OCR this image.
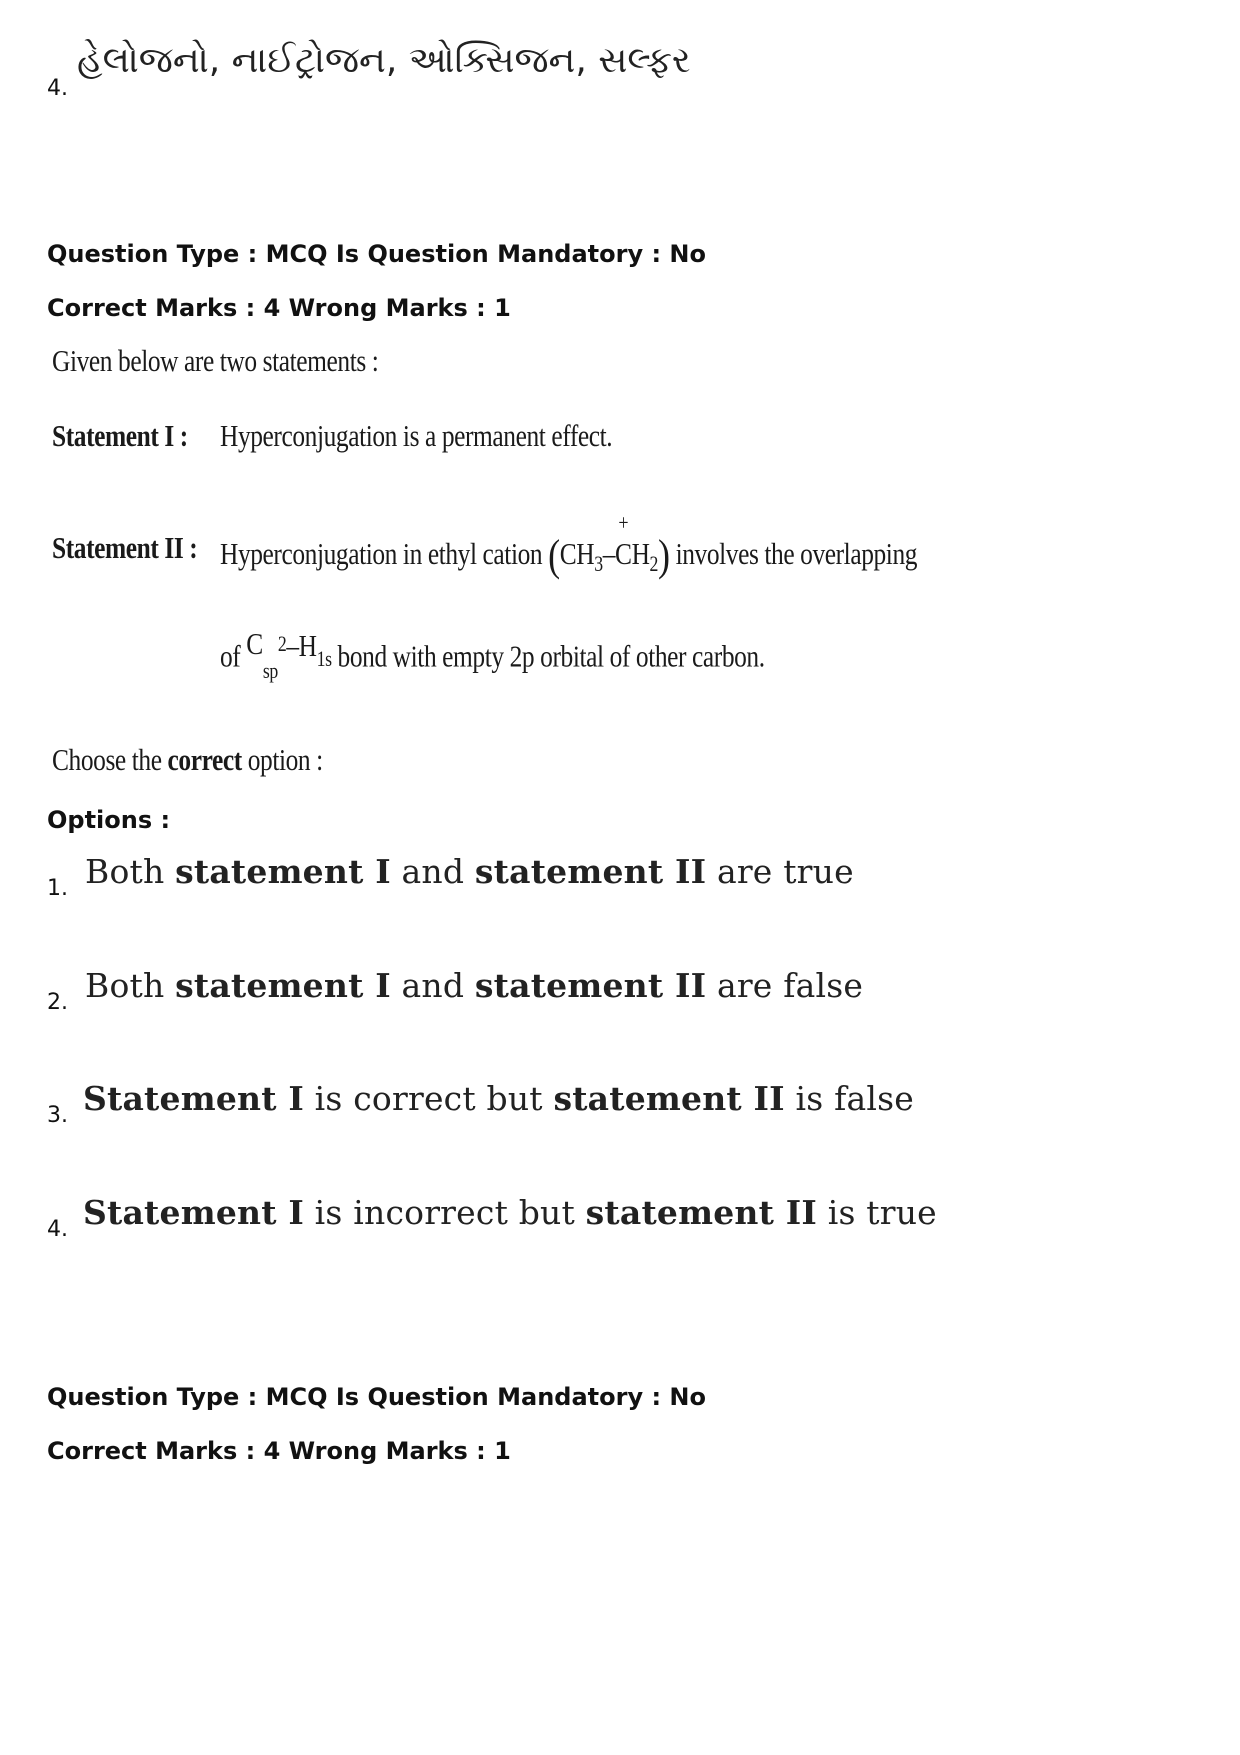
4.
હેલોજનો, નાઈટ્રોજન, ઓક્સિજન, સલ્ફર
Question Type : MCQ Is Question Mandatory : No
Correct Marks : 4 Wrong Marks : 1
Given below are two statements :
Statement I : Hyperconjugation is a permanent effect.
Statement II : Hyperconjugation in ethyl cation ($CH_3-$
+
$CH_2$) involves the overlapping
of $C_{sp}^2-H_{1s}$ bond with empty 2p orbital of other carbon.
Choose the correct option :
Options :
1. Both statement I and statement II are true
2. Both statement I and statement II are false
3. Statement I is correct but statement II is false
4. Statement I is incorrect but statement II is true
Question Type : MCQ Is Question Mandatory : No
Correct Marks : 4 Wrong Marks : 1
